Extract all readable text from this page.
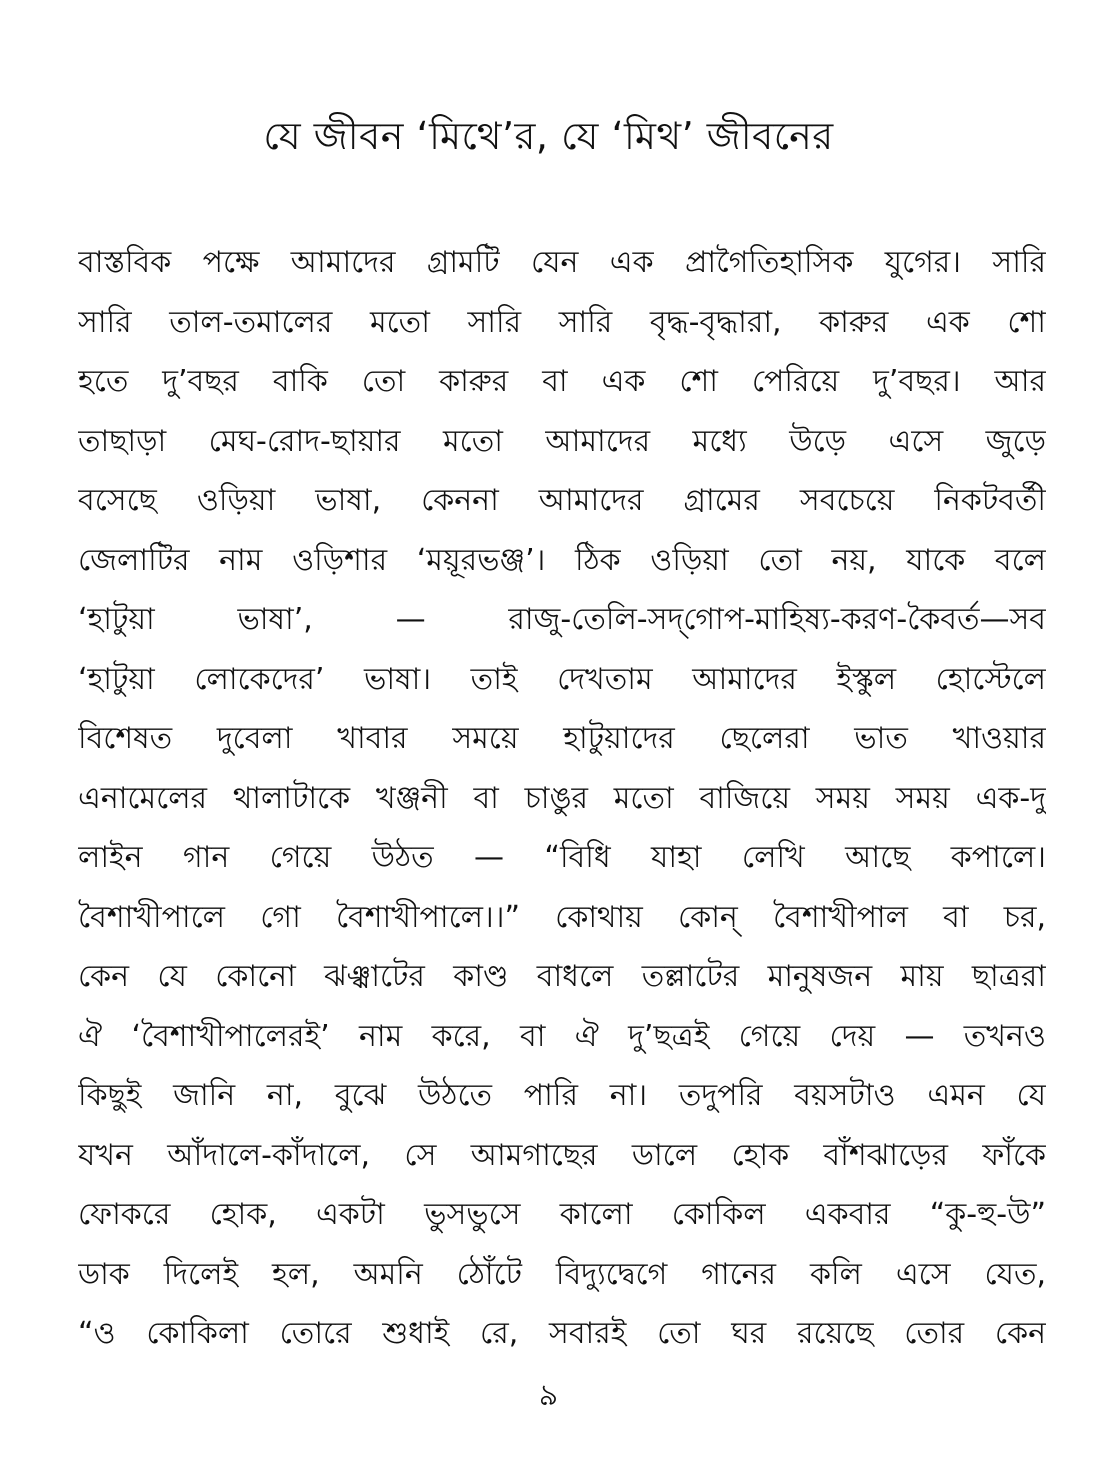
যে জীবন ‘মিথে’র, যে ‘মিথ’ জীবনের
বাস্তবিক পক্ষে আমাদের গ্রামটি যেন এক প্রাগৈতিহাসিক যুগের। সারি
সারি তাল-তমালের মতো সারি সারি বৃদ্ধ-বৃদ্ধারা, কারুর এক শো
হতে দু’বছর বাকি তো কারুর বা এক শো পেরিয়ে দু’বছর। আর
তাছাড়া মেঘ-রোদ-ছায়ার মতো আমাদের মধ্যে উড়ে এসে জুড়ে
বসেছে ওড়িয়া ভাষা, কেননা আমাদের গ্রামের সবচেয়ে নিকটবর্তী
জেলাটির নাম ওড়িশার ‘ময়ূরভঞ্জ’। ঠিক ওড়িয়া তো নয়, যাকে বলে
‘হাটুয়া ভাষা’, — রাজু-তেলি-সদ্‌গোপ-মাহিষ্য-করণ-কৈবর্ত—সব
‘হাটুয়া লোকেদের’ ভাষা। তাই দেখতাম আমাদের ইস্কুল হোস্টেলে
বিশেষত দুবেলা খাবার সময়ে হাটুয়াদের ছেলেরা ভাত খাওয়ার
এনামেলের থালাটাকে খঞ্জনী বা চাঙুর মতো বাজিয়ে সময় সময় এক-দু
লাইন গান গেয়ে উঠত — “বিধি যাহা লেখি আছে কপালে।
বৈশাখীপালে গো বৈশাখীপালে।।” কোথায় কোন্ বৈশাখীপাল বা চর,
কেন যে কোনো ঝঞ্ঝাটের কাণ্ড বাধলে তল্লাটের মানুষজন মায় ছাত্ররা
ঐ ‘বৈশাখীপালেরই’ নাম করে, বা ঐ দু’ছত্রই গেয়ে দেয় — তখনও
কিছুই জানি না, বুঝে উঠতে পারি না। তদুপরি বয়সটাও এমন যে
যখন আঁদালে-কাঁদালে, সে আমগাছের ডালে হোক বাঁশঝাড়ের ফাঁকে
ফোকরে হোক, একটা ভুসভুসে কালো কোকিল একবার “কু-হু-উ”
ডাক দিলেই হল, অমনি ঠোঁটে বিদ্যুদ্বেগে গানের কলি এসে যেত,
“ও কোকিলা তোরে শুধাই রে, সবারই তো ঘর রয়েছে তোর কেন
৯
